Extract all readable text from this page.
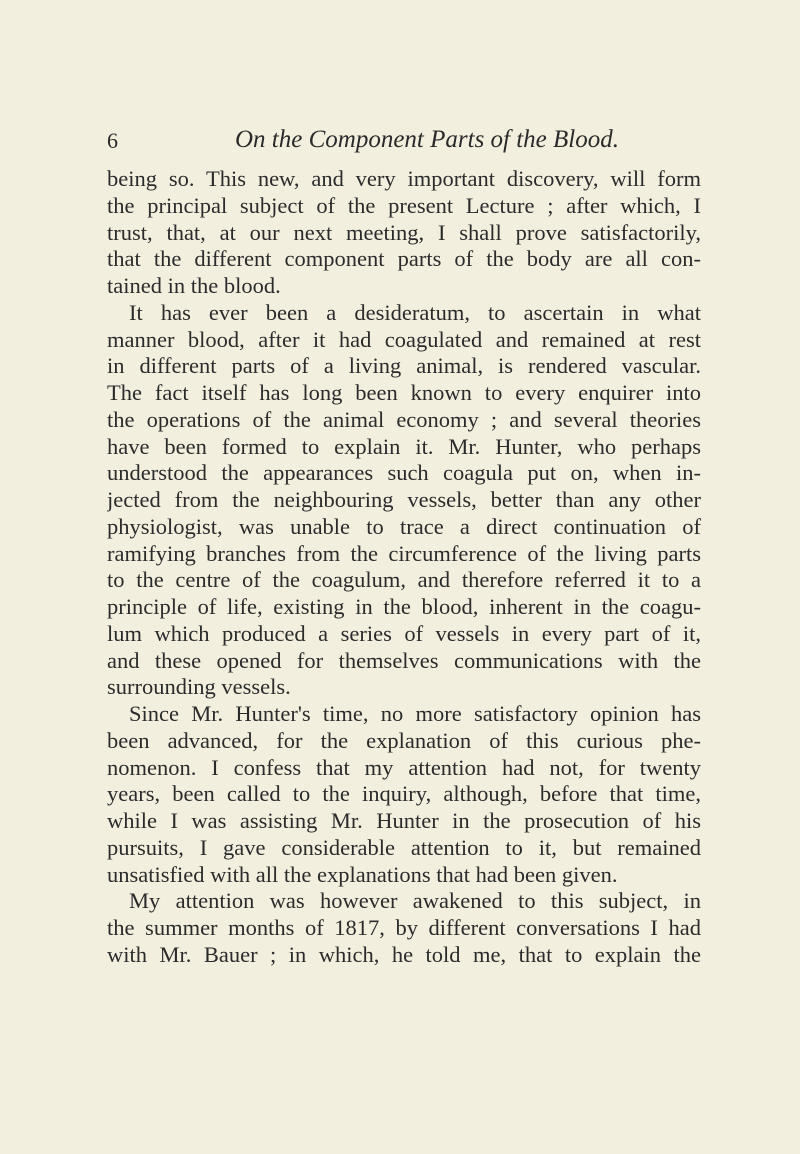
6	On the Component Parts of the Blood.
being so. This new, and very important discovery, will form
the principal subject of the present Lecture ; after which, I
trust, that, at our next meeting, I shall prove satisfactorily,
that the different component parts of the body are all con-
tained in the blood.
It has ever been a desideratum, to ascertain in what
manner blood, after it had coagulated and remained at rest
in different parts of a living animal, is rendered vascular.
The fact itself has long been known to every enquirer into
the operations of the animal economy ; and several theories
have been formed to explain it. Mr. Hunter, who perhaps
understood the appearances such coagula put on, when in-
jected from the neighbouring vessels, better than any other
physiologist, was unable to trace a direct continuation of
ramifying branches from the circumference of the living parts
to the centre of the coagulum, and therefore referred it to a
principle of life, existing in the blood, inherent in the coagu-
lum which produced a series of vessels in every part of it,
and these opened for themselves communications with the
surrounding vessels.
Since Mr. Hunter's time, no more satisfactory opinion has
been advanced, for the explanation of this curious phe-
nomenon. I confess that my attention had not, for twenty
years, been called to the inquiry, although, before that time,
while I was assisting Mr. Hunter in the prosecution of his
pursuits, I gave considerable attention to it, but remained
unsatisfied with all the explanations that had been given.
My attention was however awakened to this subject, in
the summer months of 1817, by different conversations I had
with Mr. Bauer ; in which, he told me, that to explain the
